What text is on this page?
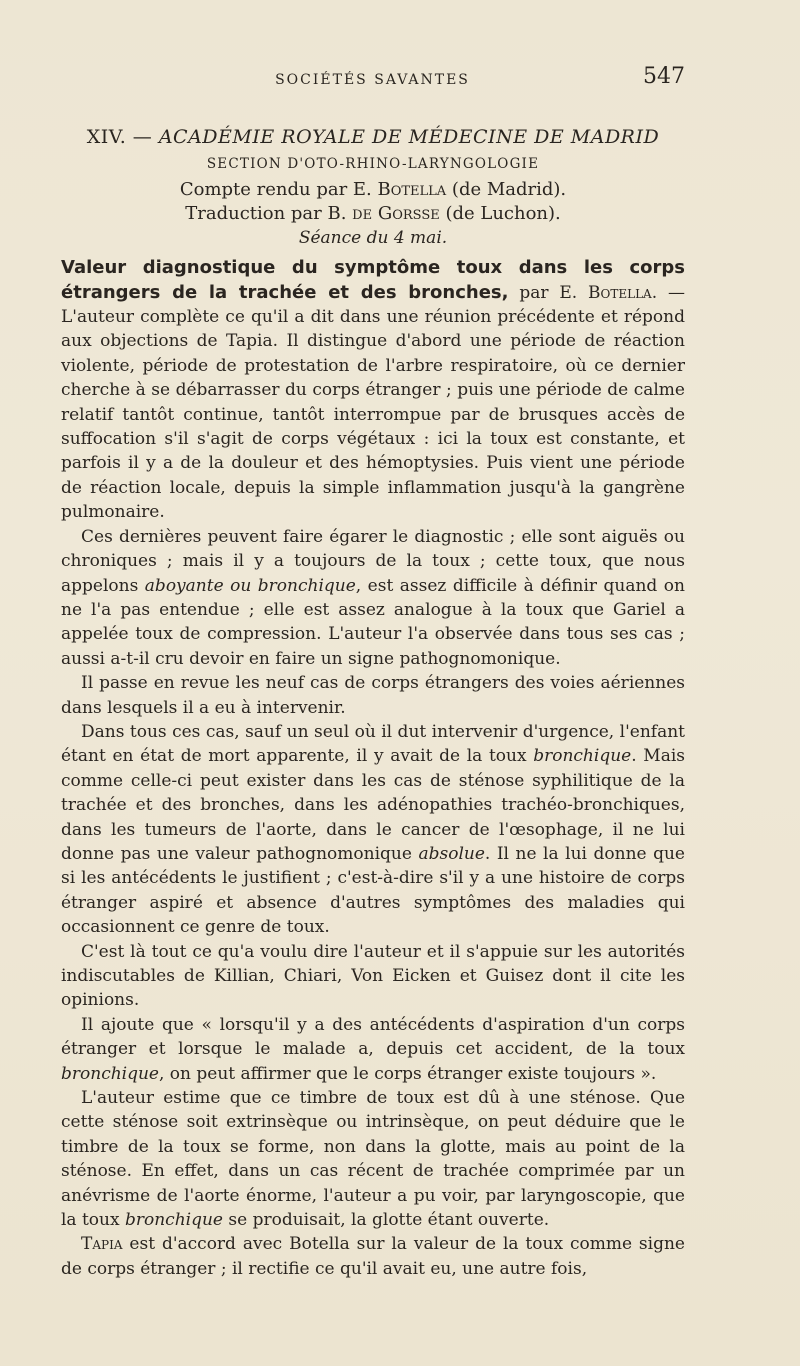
SOCIÉTÉS SAVANTES	547
XIV. — ACADÉMIE ROYALE DE MÉDECINE DE MADRID
SECTION D'OTO-RHINO-LARYNGOLOGIE

Compte rendu par E. Botella (de Madrid).

Traduction par B. de Gorsse (de Luchon).

Séance du 4 mai.

Valeur diagnostique du symptôme toux dans les corps étrangers de la trachée et des bronches, par E. Botella. — L'auteur complète ce qu'il a dit dans une réunion précédente et répond aux objections de Tapia. Il distingue d'abord une période de réaction violente, période de protestation de l'arbre respiratoire, où ce dernier cherche à se débarrasser du corps étranger ; puis une période de calme relatif tantôt continue, tantôt interrompue par de brusques accès de suffocation s'il s'agit de corps végétaux : ici la toux est constante, et parfois il y a de la douleur et des hémoptysies. Puis vient une période de réaction locale, depuis la simple inflammation jusqu'à la gangrène pulmonaire.

Ces dernières peuvent faire égarer le diagnostic ; elle sont aiguës ou chroniques ; mais il y a toujours de la toux ; cette toux, que nous appelons aboyante ou bronchique, est assez difficile à définir quand on ne l'a pas entendue ; elle est assez analogue à la toux que Gariel a appelée toux de compression. L'auteur l'a observée dans tous ses cas ; aussi a-t-il cru devoir en faire un signe pathognomonique.

Il passe en revue les neuf cas de corps étrangers des voies aériennes dans lesquels il a eu à intervenir.

Dans tous ces cas, sauf un seul où il dut intervenir d'urgence, l'enfant étant en état de mort apparente, il y avait de la toux bronchique. Mais comme celle-ci peut exister dans les cas de sténose syphilitique de la trachée et des bronches, dans les adénopathies trachéo-bronchiques, dans les tumeurs de l'aorte, dans le cancer de l'œsophage, il ne lui donne pas une valeur pathognomonique absolue. Il ne la lui donne que si les antécédents le justifient ; c'est-à-dire s'il y a une histoire de corps étranger aspiré et absence d'autres symptômes des maladies qui occasionnent ce genre de toux.

C'est là tout ce qu'a voulu dire l'auteur et il s'appuie sur les autorités indiscutables de Killian, Chiari, Von Eicken et Guisez dont il cite les opinions.

Il ajoute que « lorsqu'il y a des antécédents d'aspiration d'un corps étranger et lorsque le malade a, depuis cet accident, de la toux bronchique, on peut affirmer que le corps étranger existe toujours ».

L'auteur estime que ce timbre de toux est dû à une sténose. Que cette sténose soit extrinsèque ou intrinsèque, on peut déduire que le timbre de la toux se forme, non dans la glotte, mais au point de la sténose. En effet, dans un cas récent de trachée comprimée par un anévrisme de l'aorte énorme, l'auteur a pu voir, par laryngoscopie, que la toux bronchique se produisait, la glotte étant ouverte.

Tapia est d'accord avec Botella sur la valeur de la toux comme signe de corps étranger ; il rectifie ce qu'il avait eu, une autre fois,
